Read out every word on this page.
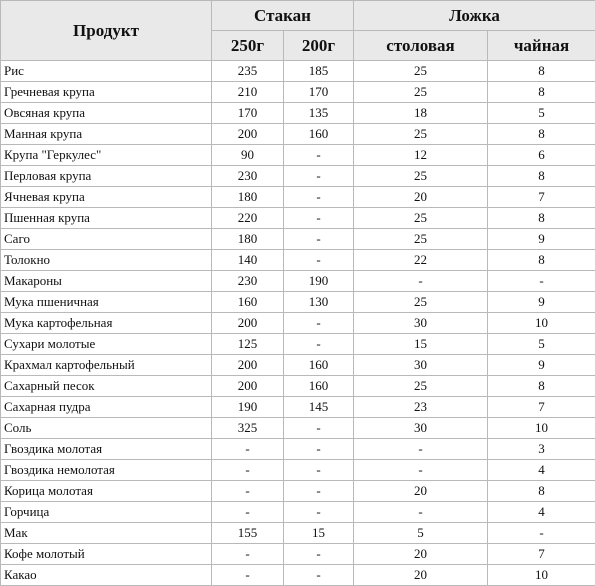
Продукт	Стакан		Ложка	
	250г	200г	столовая	чайная
Рис	235	185	25	8
Гречневая крупа	210	170	25	8
Овсяная крупа	170	135	18	5
Манная крупа	200	160	25	8
Крупа "Геркулес"	90	-	12	6
Перловая крупа	230	-	25	8
Ячневая крупа	180	-	20	7
Пшенная крупа	220	-	25	8
Саго	180	-	25	9
Толокно	140	-	22	8
Макароны	230	190	-	-
Мука пшеничная	160	130	25	9
Мука картофельная	200	-	30	10
Сухари молотые	125	-	15	5
Крахмал картофельный	200	160	30	9
Сахарный песок	200	160	25	8
Сахарная пудра	190	145	23	7
Соль	325	-	30	10
Гвоздика молотая	-	-	-	3
Гвоздика немолотая	-	-	-	4
Корица молотая	-	-	20	8
Горчица	-	-	-	4
Мак	155	15	5	-
Кофе молотый	-	-	20	7
Какао	-	-	20	10
